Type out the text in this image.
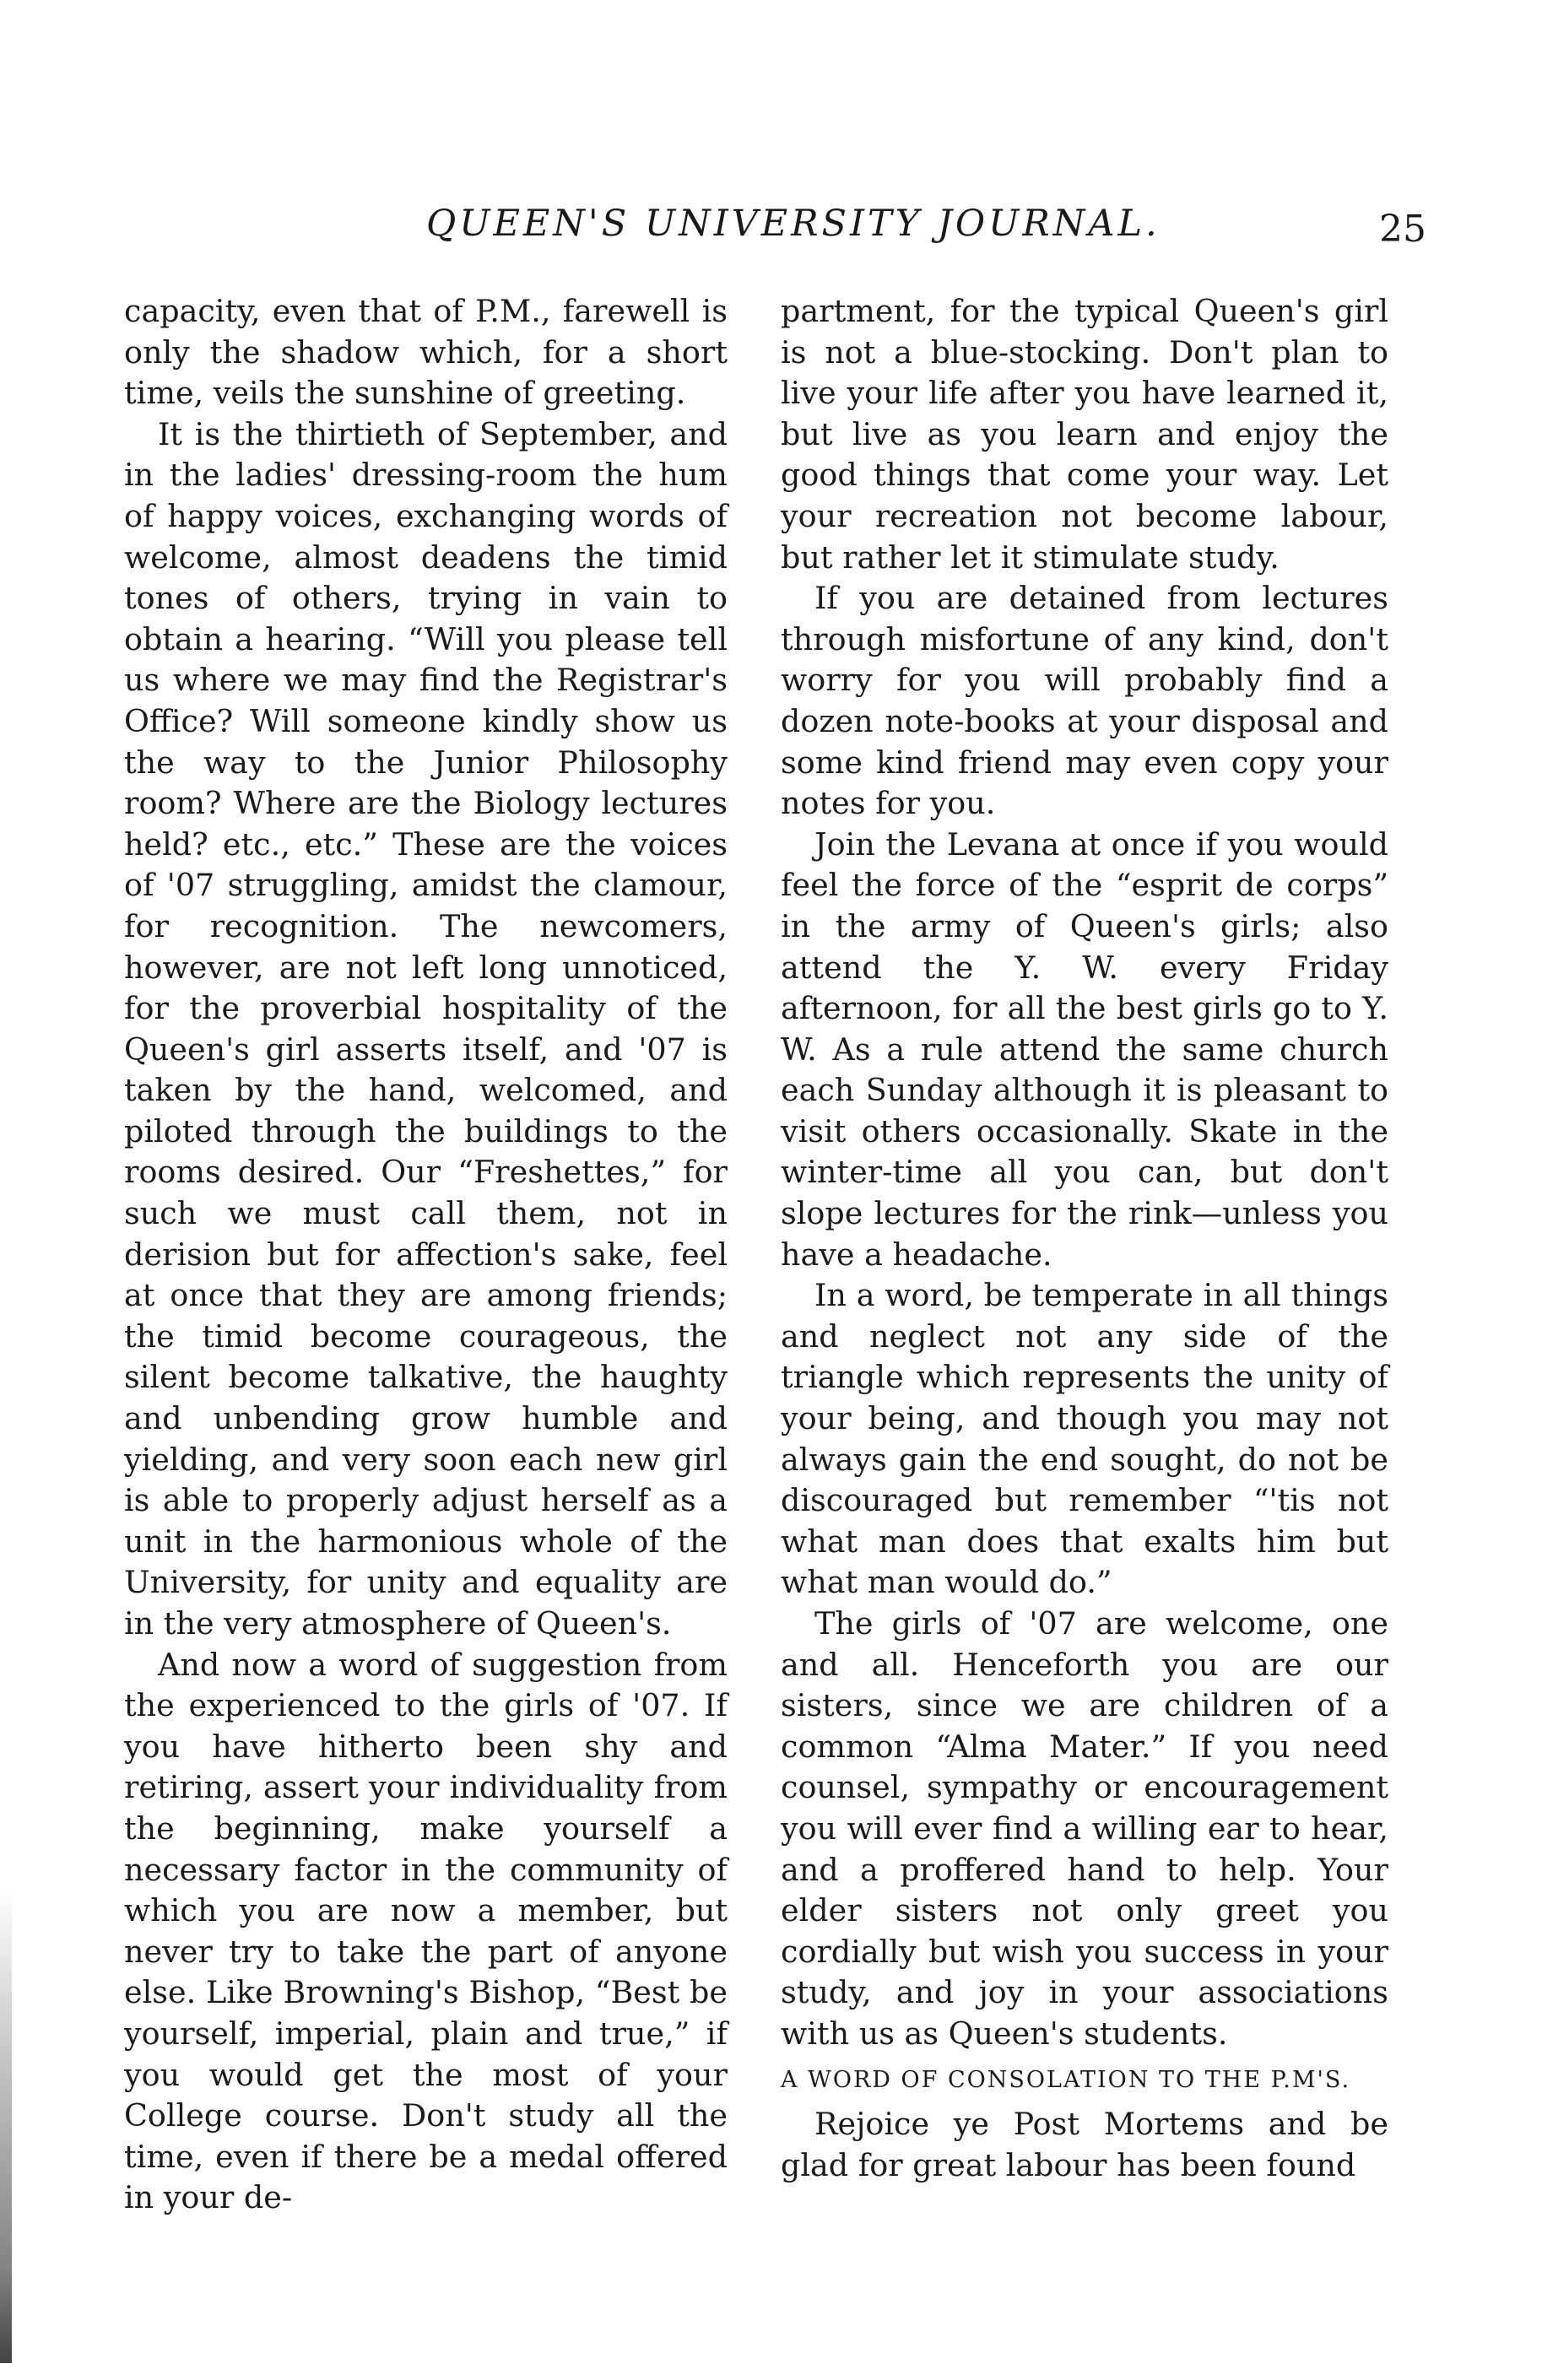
QUEEN'S UNIVERSITY JOURNAL.	25

capacity, even that of P.M., farewell is only the shadow which, for a short time, veils the sunshine of greeting.

It is the thirtieth of September, and in the ladies' dressing-room the hum of happy voices, exchanging words of welcome, almost deadens the timid tones of others, trying in vain to obtain a hearing. “Will you please tell us where we may find the Registrar's Office? Will someone kindly show us the way to the Junior Philosophy room? Where are the Biology lectures held? etc., etc.” These are the voices of '07 struggling, amidst the clamour, for recognition. The newcomers, however, are not left long unnoticed, for the proverbial hospitality of the Queen's girl asserts itself, and '07 is taken by the hand, welcomed, and piloted through the buildings to the rooms desired. Our “Freshettes,” for such we must call them, not in derision but for affection's sake, feel at once that they are among friends; the timid become courageous, the silent become talkative, the haughty and unbending grow humble and yielding, and very soon each new girl is able to properly adjust herself as a unit in the harmonious whole of the University, for unity and equality are in the very atmosphere of Queen's.

And now a word of suggestion from the experienced to the girls of '07. If you have hitherto been shy and retiring, assert your individuality from the beginning, make yourself a necessary factor in the community of which you are now a member, but never try to take the part of anyone else. Like Browning's Bishop, “Best be yourself, imperial, plain and true,” if you would get the most of your College course. Don't study all the time, even if there be a medal offered in your de-

partment, for the typical Queen's girl is not a blue-stocking. Don't plan to live your life after you have learned it, but live as you learn and enjoy the good things that come your way. Let your recreation not become labour, but rather let it stimulate study.

If you are detained from lectures through misfortune of any kind, don't worry for you will probably find a dozen note-books at your disposal and some kind friend may even copy your notes for you.

Join the Levana at once if you would feel the force of the “esprit de corps” in the army of Queen's girls; also attend the Y. W. every Friday afternoon, for all the best girls go to Y. W. As a rule attend the same church each Sunday although it is pleasant to visit others occasionally. Skate in the winter-time all you can, but don't slope lectures for the rink—unless you have a headache.

In a word, be temperate in all things and neglect not any side of the triangle which represents the unity of your being, and though you may not always gain the end sought, do not be discouraged but remember “'tis not what man does that exalts him but what man would do.”

The girls of '07 are welcome, one and all. Henceforth you are our sisters, since we are children of a common “Alma Mater.” If you need counsel, sympathy or encouragement you will ever find a willing ear to hear, and a proffered hand to help. Your elder sisters not only greet you cordially but wish you success in your study, and joy in your associations with us as Queen's students.

A WORD OF CONSOLATION TO THE P.M'S.

Rejoice ye Post Mortems and be glad for great labour has been found
